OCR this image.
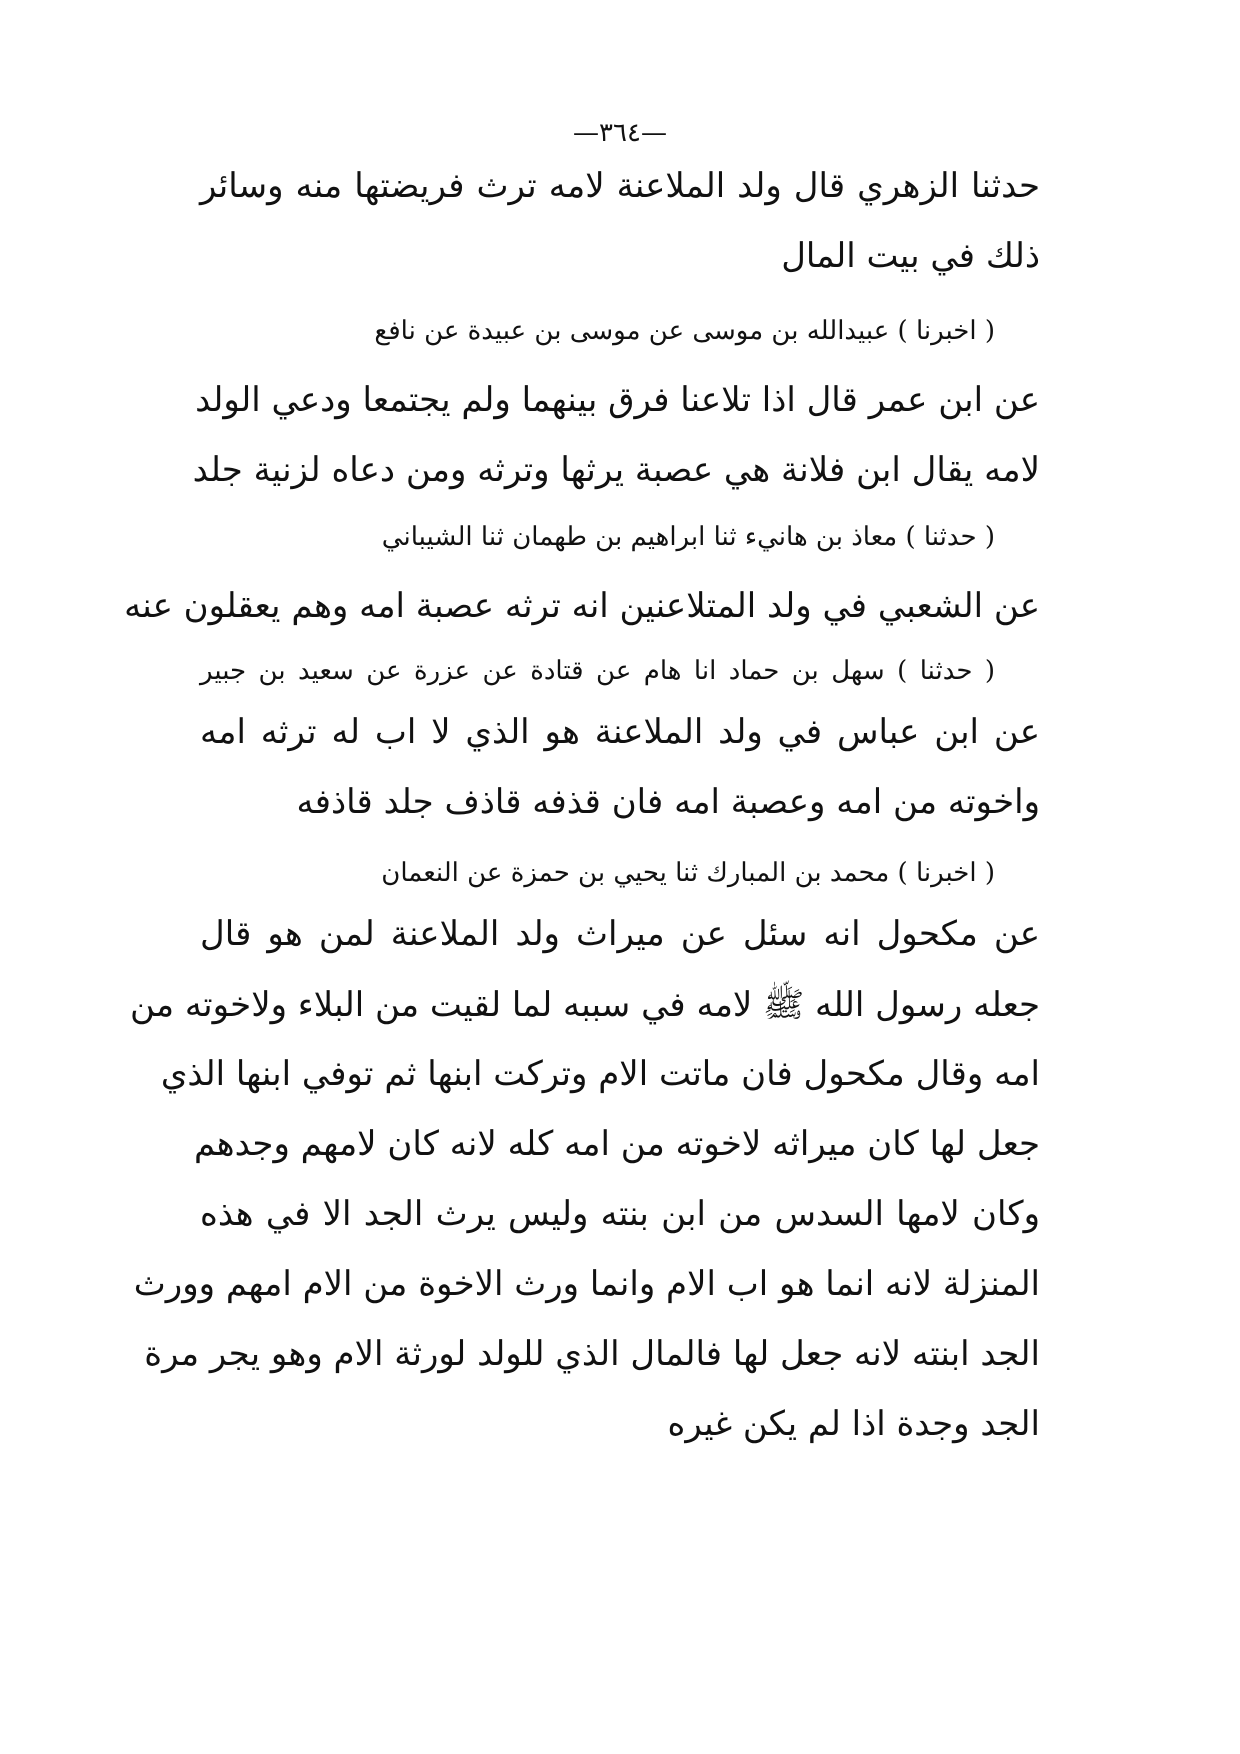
—٣٦٤—
حدثنا الزهري قال ولد الملاعنة لامه ترث فريضتها منه وسائر
ذلك في بيت المال
( اخبرنا ) عبيدالله بن موسى عن موسى بن عبيدة عن نافع
عن ابن عمر قال اذا تلاعنا فرق بينهما ولم يجتمعا ودعي الولد
لامه يقال ابن فلانة هي عصبة يرثها وترثه ومن دعاه لزنية جلد
( حدثنا ) معاذ بن هانيء ثنا ابراهيم بن طهمان ثنا الشيباني
عن الشعبي في ولد المتلاعنين انه ترثه عصبة امه وهم يعقلون عنه
( حدثنا ) سهل بن حماد انا هام عن قتادة عن عزرة عن سعيد بن جبير
عن ابن عباس في ولد الملاعنة هو الذي لا اب له ترثه امه
واخوته من امه وعصبة امه فان قذفه قاذف جلد قاذفه
( اخبرنا ) محمد بن المبارك ثنا يحيي بن حمزة عن النعمان
عن مكحول انه سئل عن ميراث ولد الملاعنة لمن هو قال
جعله رسول الله ﷺ لامه في سببه لما لقيت من البلاء ولاخوته من
امه وقال مكحول فان ماتت الام وتركت ابنها ثم توفي ابنها الذي
جعل لها كان ميراثه لاخوته من امه كله لانه كان لامهم وجدهم
وكان لامها السدس من ابن بنته وليس يرث الجد الا في هذه
المنزلة لانه انما هو اب الام وانما ورث الاخوة من الام امهم وورث
الجد ابنته لانه جعل لها فالمال الذي للولد لورثة الام وهو يجر مرة
الجد وجدة اذا لم يكن غيره
